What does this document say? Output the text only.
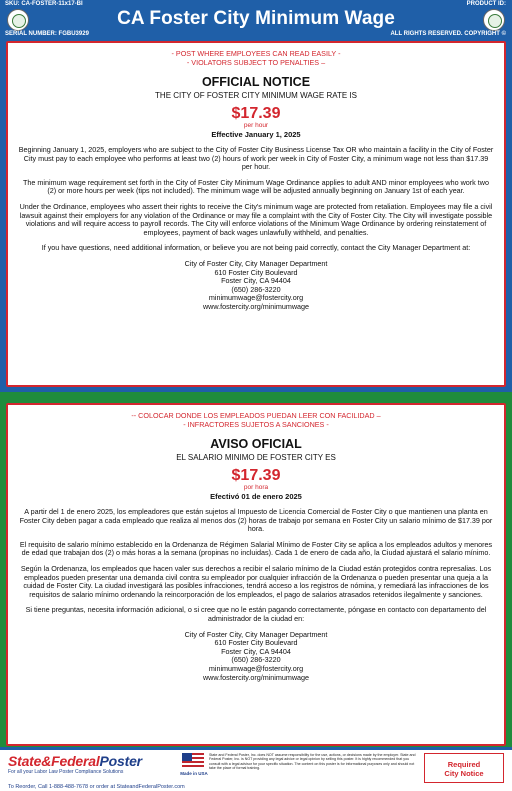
SKU: CA-FOSTER-11x17-BI	PRODUCT ID:
CA Foster City Minimum Wage
SERIAL NUMBER: FGBU3929	ALL RIGHTS RESERVED. COPYRIGHT ©
- POST WHERE EMPLOYEES CAN READ EASILY -
- VIOLATORS SUBJECT TO PENALTIES –
OFFICIAL NOTICE
THE CITY OF FOSTER CITY MINIMUM WAGE RATE IS
$17.39
per hour
Effective January 1, 2025

Beginning January 1, 2025, employers who are subject to the City of Foster City Business License Tax OR who maintain a facility in the City of Foster City must pay to each employee who performs at least two (2) hours of work per week in City of Foster City, a minimum wage not less than $17.39 per hour.

The minimum wage requirement set forth in the City of Foster City Minimum Wage Ordinance applies to adult AND minor employees who work two (2) or more hours per week (tips not included). The minimum wage will be adjusted annually beginning on January 1st of each year.

Under the Ordinance, employees who assert their rights to receive the City's minimum wage are protected from retaliation. Employees may file a civil lawsuit against their employers for any violation of the Ordinance or may file a complaint with the City of Foster City. The City will investigate possible violations and will require access to payroll records. The City will enforce violations of the Minimum Wage Ordinance by ordering reinstatement of employees, payment of back wages unlawfully withheld, and penalties.

If you have questions, need additional information, or believe you are not being paid correctly, contact the City Manager Department at:

City of Foster City, City Manager Department
610 Foster City Boulevard
Foster City, CA 94404
(650) 286-3220
minimumwage@fostercity.org
www.fostercity.org/minimumwage
-- COLOCAR DONDE LOS EMPLEADOS PUEDAN LEER CON FACILIDAD –
- INFRACTORES SUJETOS A SANCIONES -
AVISO OFICIAL
EL SALARIO MINIMO DE FOSTER CITY ES
$17.39
por hora
Efectivó 01 de enero 2025

A partir del 1 de enero 2025, los empleadores que están sujetos al Impuesto de Licencia Comercial de Foster City o que mantienen una planta en Foster City deben pagar a cada empleado que realiza al menos dos (2) horas de trabajo por semana en Foster City un salario mínimo de $17.39 por hora.

El requisito de salario mínimo establecido en la Ordenanza de Régimen Salarial Mínimo de Foster City se aplica a los empleados adultos y menores de edad que trabajan dos (2) o más horas a la semana (propinas no incluidas). Cada 1 de enero de cada año, la Ciudad ajustará el salario mínimo.

Según la Ordenanza, los empleados que hacen valer sus derechos a recibir el salario mínimo de la Ciudad están protegidos contra represalias. Los empleados pueden presentar una demanda civil contra su empleador por cualquier infracción de la Ordenanza o pueden presentar una queja a la cuidad de Foster City. La ciudad investigará las posibles infracciones, tendrá acceso a los registros de nómina, y remediará las infracciones de los requisitos de salario mínimo ordenando la reincorporación de los empleados, el pago de salarios atrasados retenidos ilegalmente y sanciones.

Si tiene preguntas, necesita información adicional, o si cree que no le están pagando correctamente, póngase en contacto con departamento del administrador de la ciudad en:

City of Foster City, City Manager Department
610 Foster City Boulevard
Foster City, CA 94404
(650) 286-3220
minimumwage@fostercity.org
www.fostercity.org/minimumwage
State&FederalPoster
For all your Labor Law Poster Compliance Solutions	Made in USA
State and Federal Poster, Inc. does NOT assume responsibility for the use, actions, or decisions made by the employer. State and Federal Poster, Inc. is NOT providing any legal advice or legal opinion by selling this poster. It is highly recommended that you consult with a legal advisor for your specific situation. The content on this poster is for informational purposes only and should not take the place of formal training.	Required
City Notice
To Reorder, Call 1-888-488-7678 or order at StateandFederalPoster.com
